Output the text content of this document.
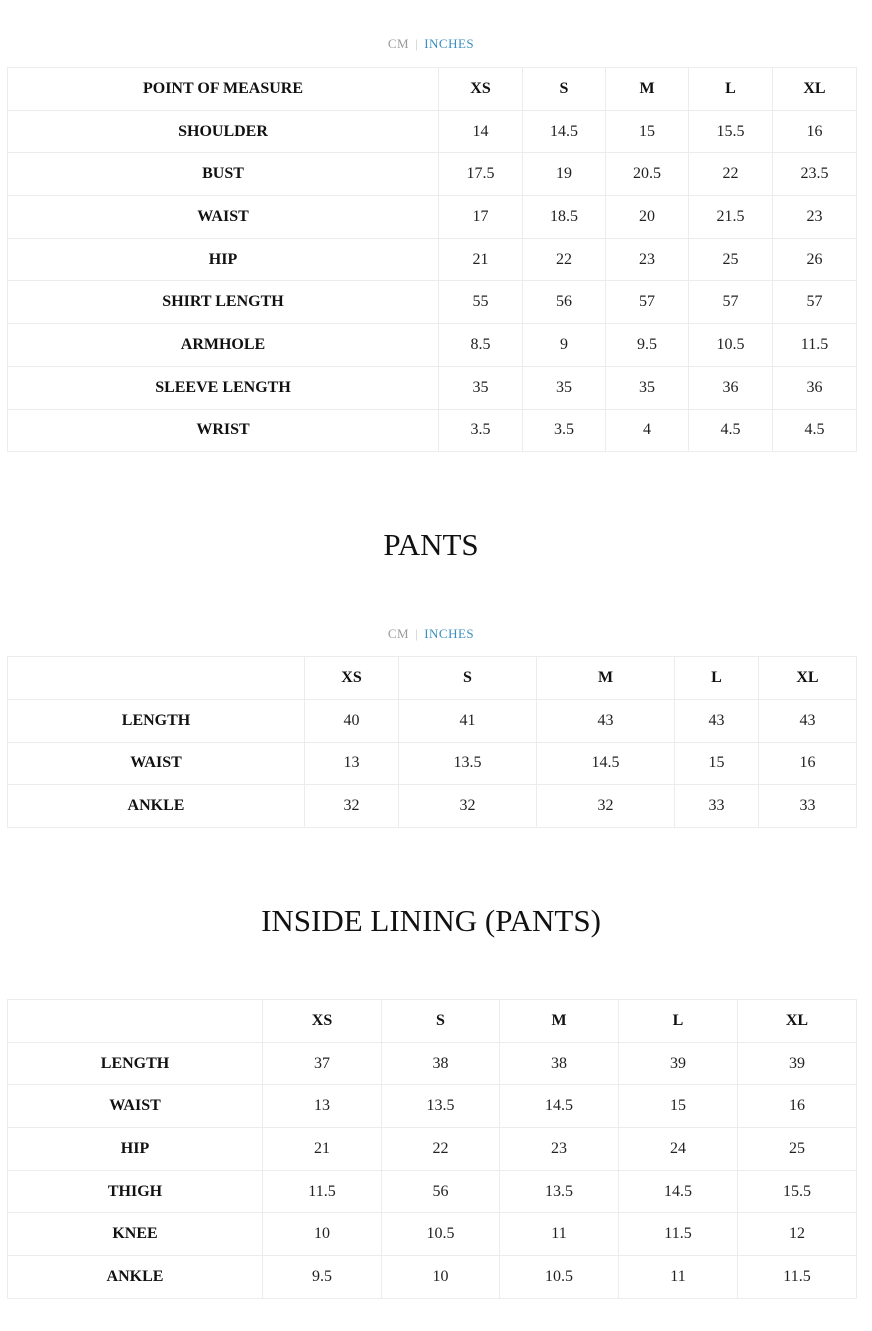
CM | INCHES
POINT OF MEASURE	XS	S	M	L	XL
SHOULDER	14	14.5	15	15.5	16
BUST	17.5	19	20.5	22	23.5
WAIST	17	18.5	20	21.5	23
HIP	21	22	23	25	26
SHIRT LENGTH	55	56	57	57	57
ARMHOLE	8.5	9	9.5	10.5	11.5
SLEEVE LENGTH	35	35	35	36	36
WRIST	3.5	3.5	4	4.5	4.5
PANTS
CM | INCHES
	XS	S	M	L	XL
LENGTH	40	41	43	43	43
WAIST	13	13.5	14.5	15	16
ANKLE	32	32	32	33	33
INSIDE LINING (PANTS)
	XS	S	M	L	XL
LENGTH	37	38	38	39	39
WAIST	13	13.5	14.5	15	16
HIP	21	22	23	24	25
THIGH	11.5	56	13.5	14.5	15.5
KNEE	10	10.5	11	11.5	12
ANKLE	9.5	10	10.5	11	11.5
